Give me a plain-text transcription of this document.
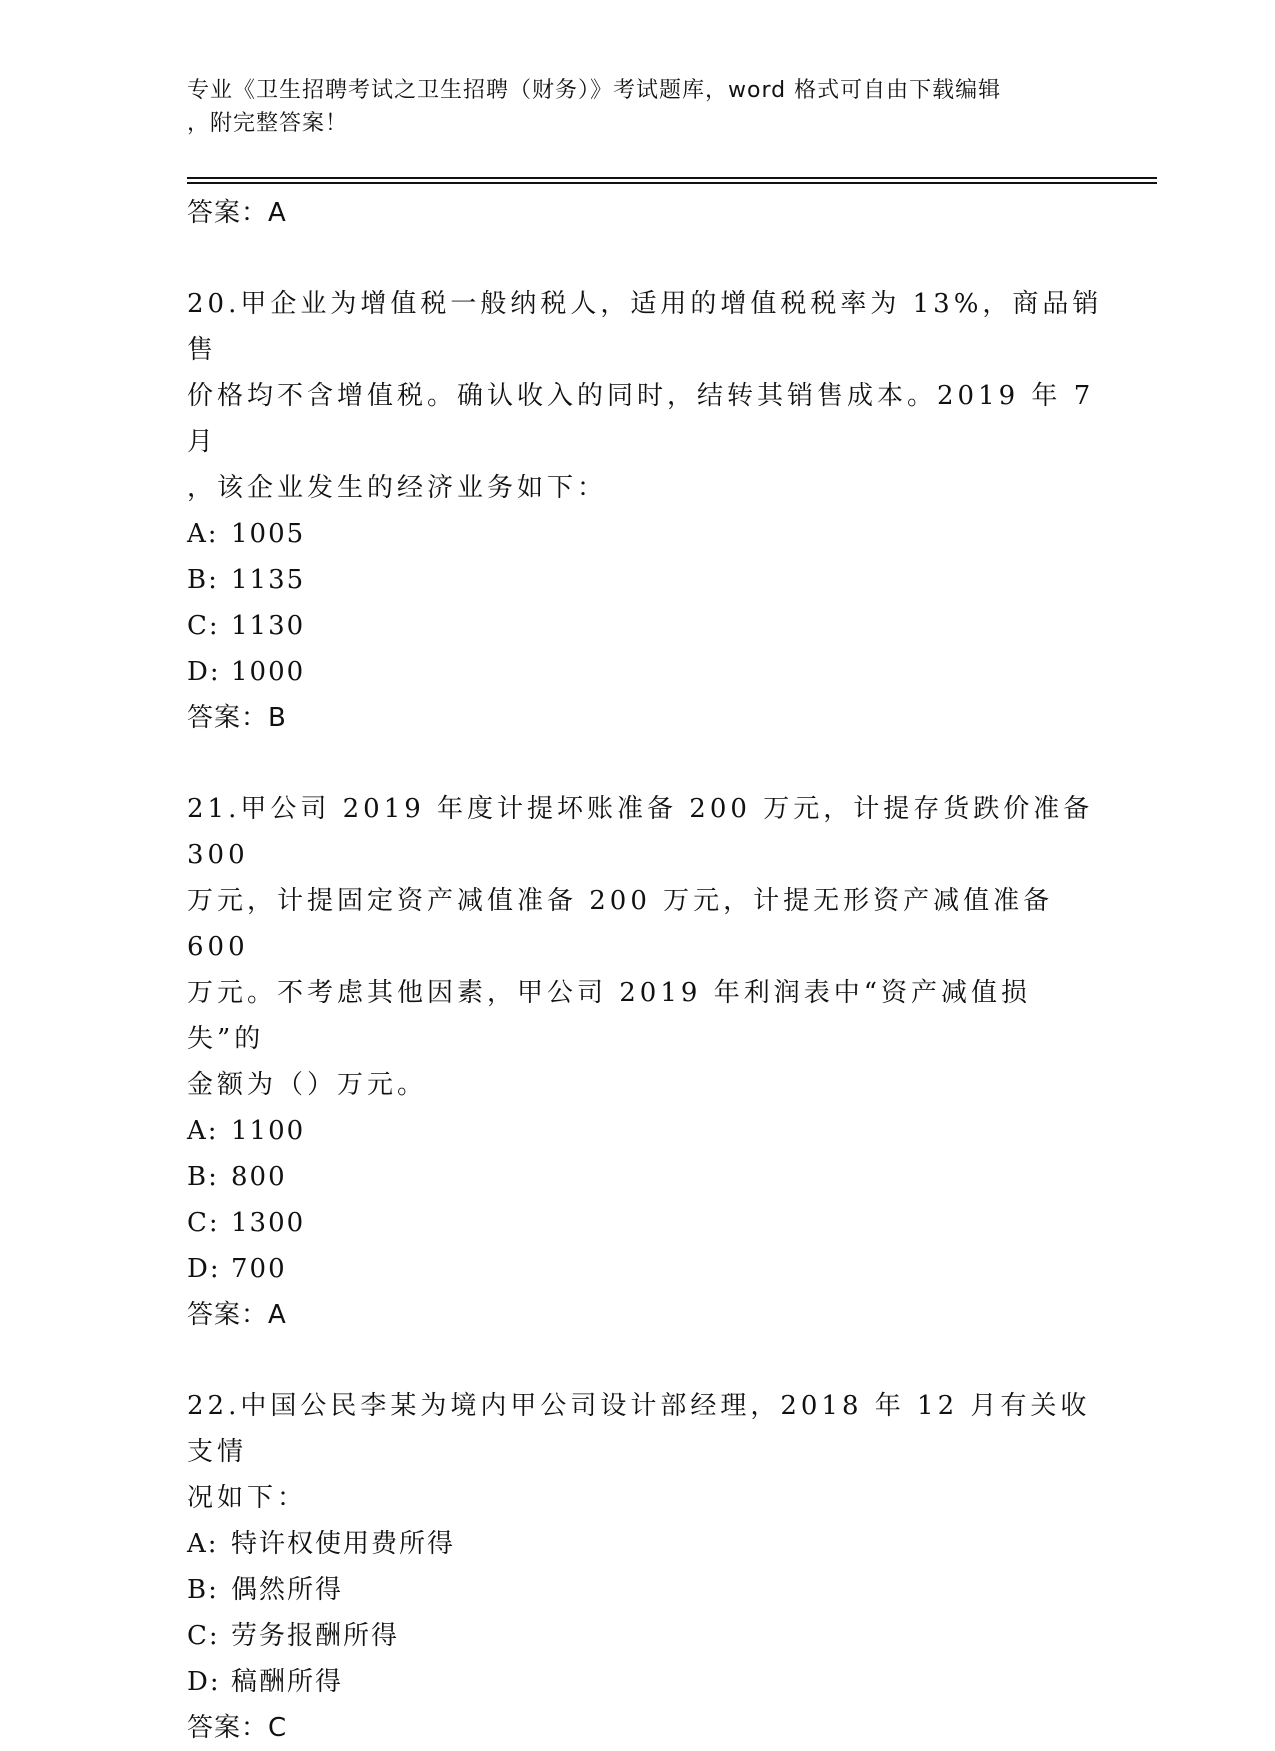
专业《卫生招聘考试之卫生招聘（财务）》考试题库，word 格式可自由下载编辑
，附完整答案！
答案：A
20.甲企业为增值税一般纳税人，适用的增值税税率为 13%，商品销售
价格均不含增值税。确认收入的同时，结转其销售成本。2019 年 7 月
，该企业发生的经济业务如下：
A: 1005
B: 1135
C: 1130
D: 1000
答案：B
21.甲公司 2019 年度计提坏账准备 200 万元，计提存货跌价准备 300
万元，计提固定资产减值准备 200 万元，计提无形资产减值准备 600
万元。不考虑其他因素，甲公司 2019 年利润表中“资产减值损失”的
金额为（）万元。
A: 1100
B: 800
C: 1300
D: 700
答案：A
22.中国公民李某为境内甲公司设计部经理，2018 年 12 月有关收支情
况如下：
A: 特许权使用费所得
B: 偶然所得
C: 劳务报酬所得
D: 稿酬所得
答案：C
